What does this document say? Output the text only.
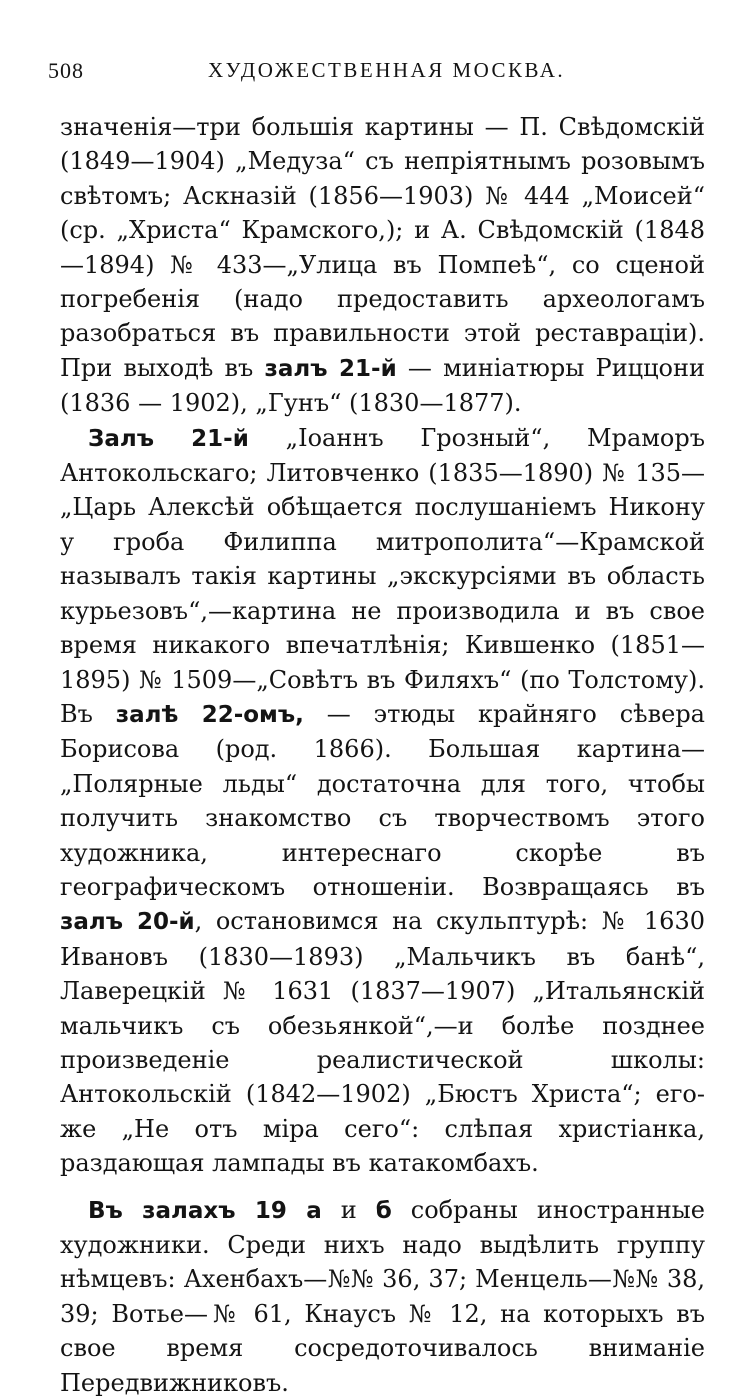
508	ХУДОЖЕСТВЕННАЯ МОСКВА.

значенія—три большія картины — П. Свѣдомскій (1849—1904) „Медуза“ съ непріятнымъ розовымъ свѣтомъ; Аскназій (1856—1903) № 444 „Моисей“ (ср. „Христа“ Крамского,); и А. Свѣдомскій (1848—1894) № 433—„Улица въ Помпеѣ“, со сценой погребенія (надо предоставить археологамъ разобраться въ правильности этой реставраціи). При выходѣ въ залъ 21-й — миніатюры Риццони (1836 — 1902), „Гунъ“ (1830—1877).

Залъ 21-й „Іоаннъ Грозный“, Мраморъ Антокольскаго; Литовченко (1835—1890) № 135—„Царь Алексѣй обѣщается послушаніемъ Никону у гроба Филиппа митрополита“—Крамской называлъ такія картины „экскурсіями въ область курьезовъ“,—картина не производила и въ свое время никакого впечатлѣнія; Кившенко (1851—1895) № 1509—„Совѣтъ въ Филяхъ“ (по Толстому). Въ залѣ 22-омъ, — этюды крайняго сѣвера Борисова (род. 1866). Большая картина—„Полярные льды“ достаточна для того, чтобы получить знакомство съ творчествомъ этого художника, интереснаго скорѣе въ географическомъ отношеніи. Возвращаясь въ залъ 20-й, остановимся на скульптурѣ: № 1630 Ивановъ (1830—1893) „Мальчикъ въ банѣ“, Лаверецкій № 1631 (1837—1907) „Итальянскій мальчикъ съ обезьянкой“,—и болѣе позднее произведеніе реалистической школы: Антокольскій (1842—1902) „Бюстъ Христа“; его-же „Не отъ міра сего“: слѣпая христіанка, раздающая лампады въ катакомбахъ.

Въ залахъ 19 а и б собраны иностранные художники. Среди нихъ надо выдѣлить группу нѣмцевъ: Ахенбахъ—№№ 36, 37; Менцель—№№ 38, 39; Вотье—№ 61, Кнаусъ № 12, на которыхъ въ свое время сосредоточивалось вниманіе Передвижниковъ.
